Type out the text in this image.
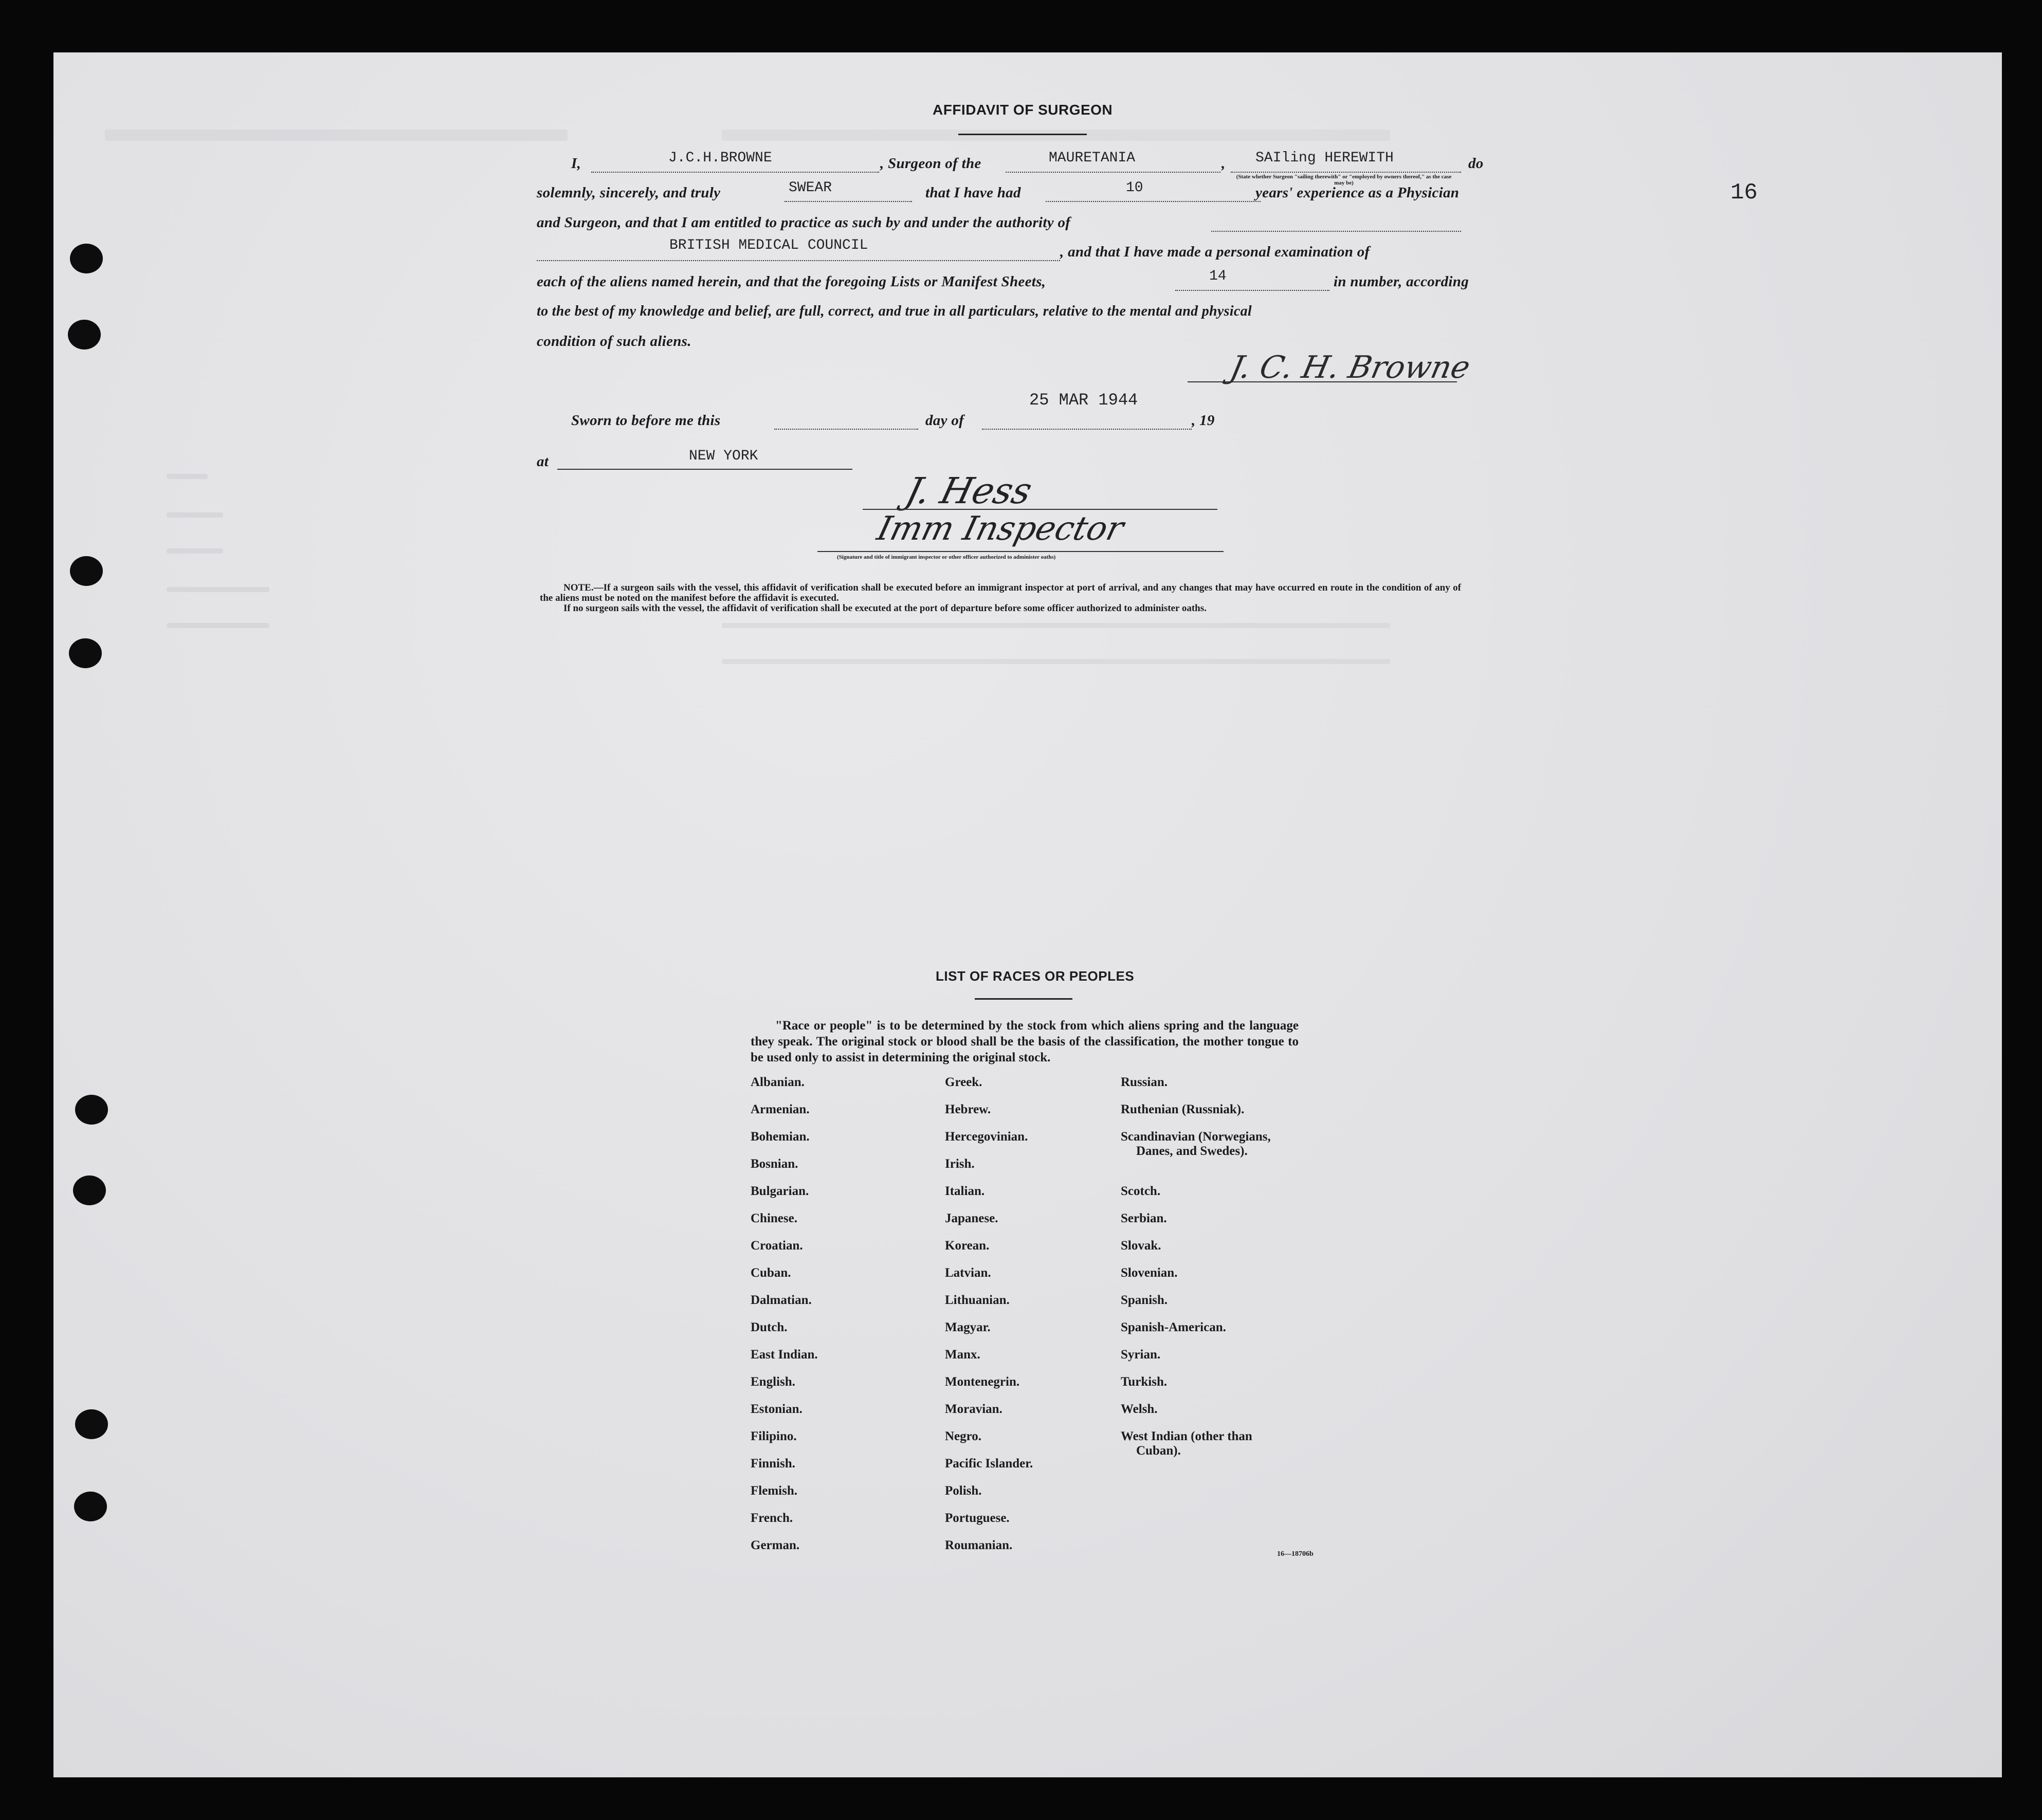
16
AFFIDAVIT OF SURGEON
I,	J.C.H.BROWNE	, Surgeon of the	MAURETANIA	, SAIling HEREWITH
(State whether Surgeon "sailing therewith" or "employed by owners thereof," as the case may be)
do
solemnly, sincerely, and truly	SWEAR	that I have had	10	years' experience as a Physician
and Surgeon, and that I am entitled to practice as such by and under the authority of
BRITISH MEDICAL COUNCIL	, and that I have made a personal examination of
each of the aliens named herein, and that the foregoing Lists or Manifest Sheets,	14	in number, according
to the best of my knowledge and belief, are full, correct, and true in all particulars, relative to the mental and physical
condition of such aliens.
J. C. H. Browne
Sworn to before me this	day of
25 MAR 1944
, 19
at	NEW YORK
J. Hess
Imm Inspector
(Signature and title of immigrant inspector or other officer authorized to administer oaths)
NOTE.—If a surgeon sails with the vessel, this affidavit of verification shall be executed before an immigrant inspector at port of arrival, and any changes that may have occurred en route in the condition of any of the aliens must be noted on the manifest before the affidavit is executed.
If no surgeon sails with the vessel, the affidavit of verification shall be executed at the port of departure before some officer authorized to administer oaths.
LIST OF RACES OR PEOPLES
"Race or people" is to be determined by the stock from which aliens spring and the language they speak. The original stock or blood shall be the basis of the classification, the mother tongue to be used only to assist in determining the original stock.
Albanian.
Armenian.
Bohemian.
Bosnian.
Bulgarian.
Chinese.
Croatian.
Cuban.
Dalmatian.
Dutch.
East Indian.
English.
Estonian.
Filipino.
Finnish.
Flemish.
French.
German.
Greek.
Hebrew.
Hercegovinian.
Irish.
Italian.
Japanese.
Korean.
Latvian.
Lithuanian.
Magyar.
Manx.
Montenegrin.
Moravian.
Negro.
Pacific Islander.
Polish.
Portuguese.
Roumanian.
Russian.
Ruthenian (Russniak).
Scandinavian (Norwegians,
Danes, and Swedes).
Scotch.
Serbian.
Slovak.
Slovenian.
Spanish.
Spanish-American.
Syrian.
Turkish.
Welsh.
West Indian (other than
Cuban).
16—18706b
